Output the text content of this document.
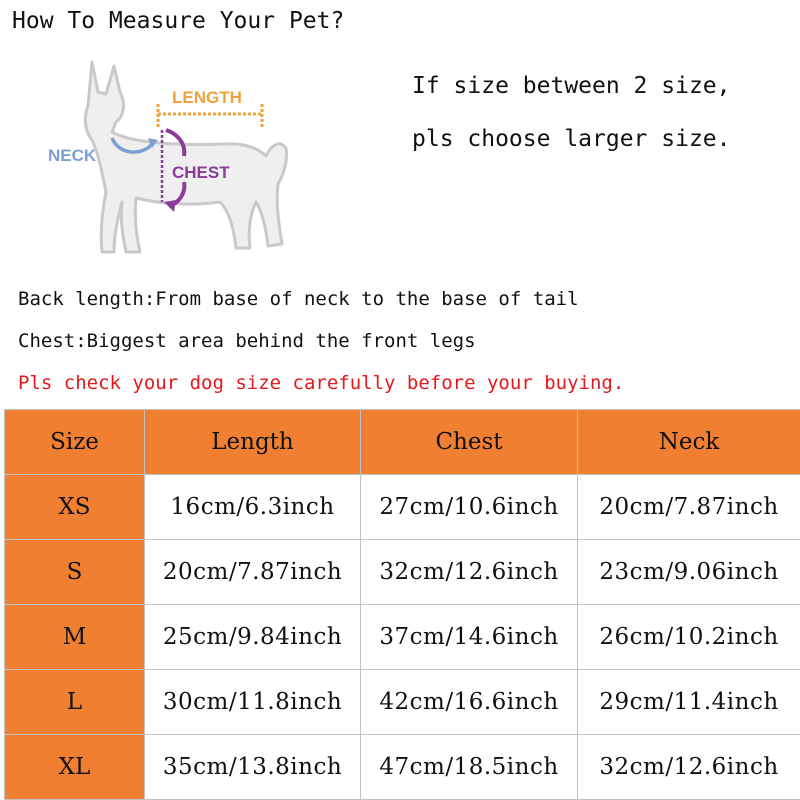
How To Measure Your Pet?
LENGTH
NECK
CHEST
If size between 2 size,
pls choose larger size.
Back length:From base of neck to the base of tail
Chest:Biggest area behind the front legs
Pls check your dog size carefully before your buying.
Size	Length	Chest	Neck
XS	16cm/6.3inch	27cm/10.6inch	20cm/7.87inch
S	20cm/7.87inch	32cm/12.6inch	23cm/9.06inch
M	25cm/9.84inch	37cm/14.6inch	26cm/10.2inch
L	30cm/11.8inch	42cm/16.6inch	29cm/11.4inch
XL	35cm/13.8inch	47cm/18.5inch	32cm/12.6inch
